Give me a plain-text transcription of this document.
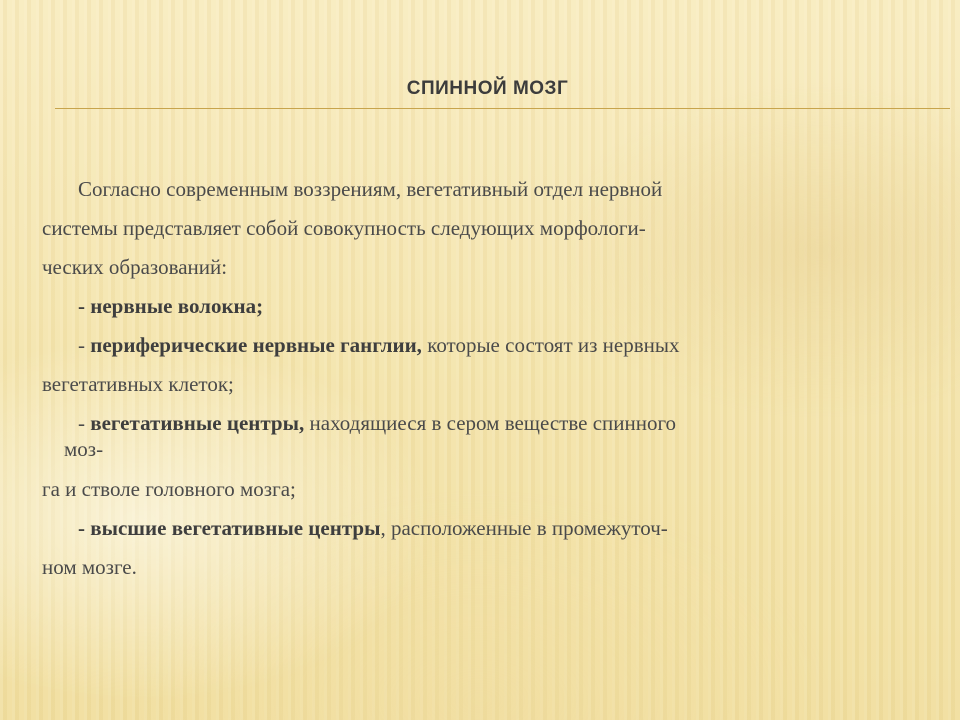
СПИННОЙ МОЗГ

Согласно современным воззрениям, вегетативный отдел нервной

системы представляет собой совокупность следующих морфологи-

ческих образований:

- нервные волокна;

- периферические нервные ганглии, которые состоят из нервных

вегетативных клеток;

- вегетативные центры, находящиеся в сером веществе спинного

моз-

га и стволе головного мозга;

- высшие вегетативные центры, расположенные в промежуточ-

ном мозге.
